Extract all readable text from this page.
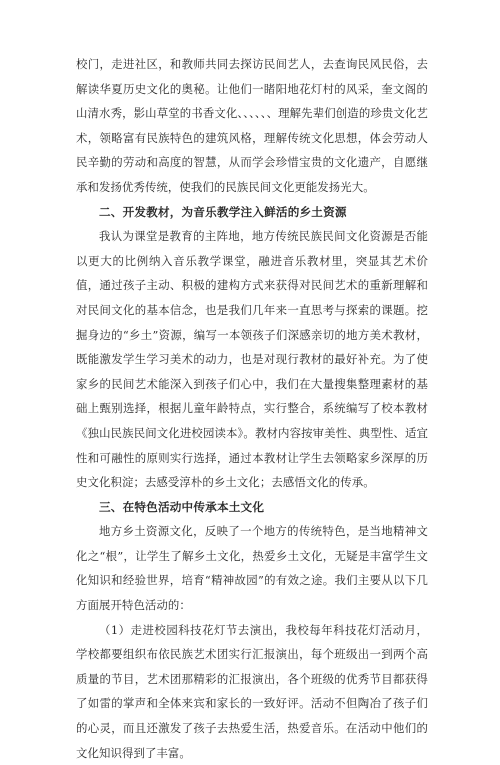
校门，走进社区，和教师共同去探访民间艺人，去查询民风民俗，去解读华夏历史文化的奥秘。让他们一睹阳地花灯村的风采，奎文阁的山清水秀，影山草堂的书香文化、、、、、、理解先辈们创造的珍贵文化艺术，领略富有民族特色的建筑风格，理解传统文化思想，体会劳动人民辛勤的劳动和高度的智慧，从而学会珍惜宝贵的文化遗产，自愿继承和发扬优秀传统，使我们的民族民间文化更能发扬光大。

二、开发教材，为音乐教学注入鲜活的乡土资源

我认为课堂是教育的主阵地，地方传统民族民间文化资源是否能以更大的比例纳入音乐教学课堂，融进音乐教材里，突显其艺术价值，通过孩子主动、积极的建构方式来获得对民间艺术的重新理解和对民间文化的基本信念，也是我们几年来一直思考与探索的课题。挖掘身边的“乡土”资源，编写一本领孩子们深感亲切的地方美术教材，既能激发学生学习美术的动力，也是对现行教材的最好补充。为了使家乡的民间艺术能深入到孩子们心中，我们在大量搜集整理素材的基础上甄别选择，根据儿童年龄特点，实行整合，系统编写了校本教材《独山民族民间文化进校园读本》。教材内容按审美性、典型性、适宜性和可融性的原则实行选择，通过本教材让学生去领略家乡深厚的历史文化积淀；去感受淳朴的乡土文化；去感悟文化的传承。

三、在特色活动中传承本土文化

地方乡土资源文化，反映了一个地方的传统特色，是当地精神文化之“根”，让学生了解乡土文化，热爱乡土文化，无疑是丰富学生文化知识和经验世界，培育“精神故园”的有效之途。我们主要从以下几方面展开特色活动的：

（1）走进校园科技花灯节去演出，我校每年科技花灯活动月，学校都要组织布依民族艺术团实行汇报演出，每个班级出一到两个高质量的节目，艺术团那精彩的汇报演出，各个班级的优秀节目都获得了如雷的掌声和全体来宾和家长的一致好评。活动不但陶冶了孩子们的心灵，而且还激发了孩子去热爱生活，热爱音乐。在活动中他们的文化知识得到了丰富。
